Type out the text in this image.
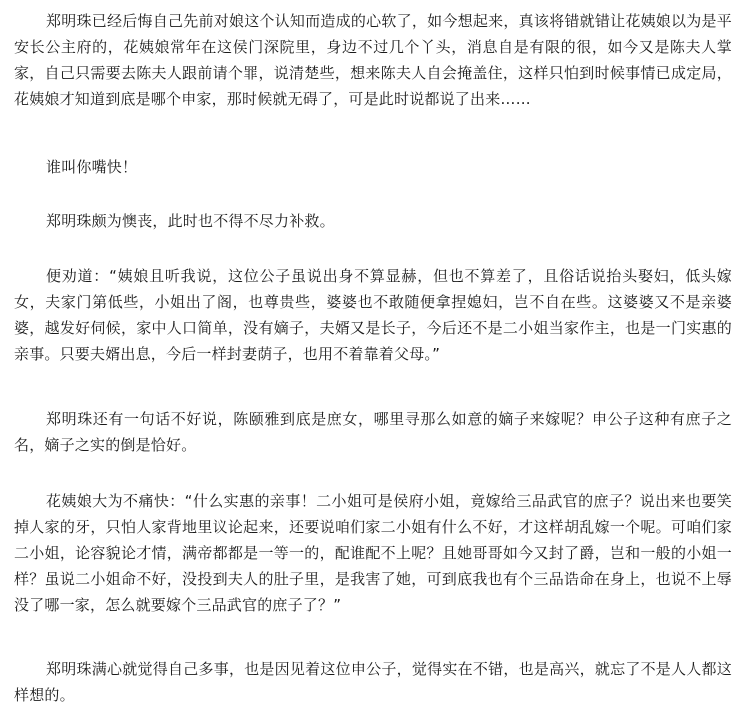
郑明珠已经后悔自己先前对娘这个认知而造成的心软了，如今想起来，真该将错就错让花姨娘以为是平安长公主府的，花姨娘常年在这侯门深院里，身边不过几个丫头，消息自是有限的很，如今又是陈夫人掌家，自己只需要去陈夫人跟前请个罪，说清楚些，想来陈夫人自会掩盖住，这样只怕到时候事情已成定局，花姨娘才知道到底是哪个申家，那时候就无碍了，可是此时说都说了出来……

谁叫你嘴快！

郑明珠颇为懊丧，此时也不得不尽力补救。

便劝道：“姨娘且听我说，这位公子虽说出身不算显赫，但也不算差了，且俗话说抬头娶妇，低头嫁女，夫家门第低些，小姐出了阁，也尊贵些，婆婆也不敢随便拿捏媳妇，岂不自在些。这婆婆又不是亲婆婆，越发好伺候，家中人口简单，没有嫡子，夫婿又是长子，今后还不是二小姐当家作主，也是一门实惠的亲事。只要夫婿出息，今后一样封妻荫子，也用不着靠着父母。”

郑明珠还有一句话不好说，陈颐雅到底是庶女，哪里寻那么如意的嫡子来嫁呢？申公子这种有庶子之名，嫡子之实的倒是恰好。

花姨娘大为不痛快：“什么实惠的亲事！二小姐可是侯府小姐，竟嫁给三品武官的庶子？说出来也要笑掉人家的牙，只怕人家背地里议论起来，还要说咱们家二小姐有什么不好，才这样胡乱嫁一个呢。可咱们家二小姐，论容貌论才情，满帝都都是一等一的，配谁配不上呢？且她哥哥如今又封了爵，岂和一般的小姐一样？虽说二小姐命不好，没投到夫人的肚子里，是我害了她，可到底我也有个三品诰命在身上，也说不上辱没了哪一家，怎么就要嫁个三品武官的庶子了？”

郑明珠满心就觉得自己多事，也是因见着这位申公子，觉得实在不错，也是高兴，就忘了不是人人都这样想的。
